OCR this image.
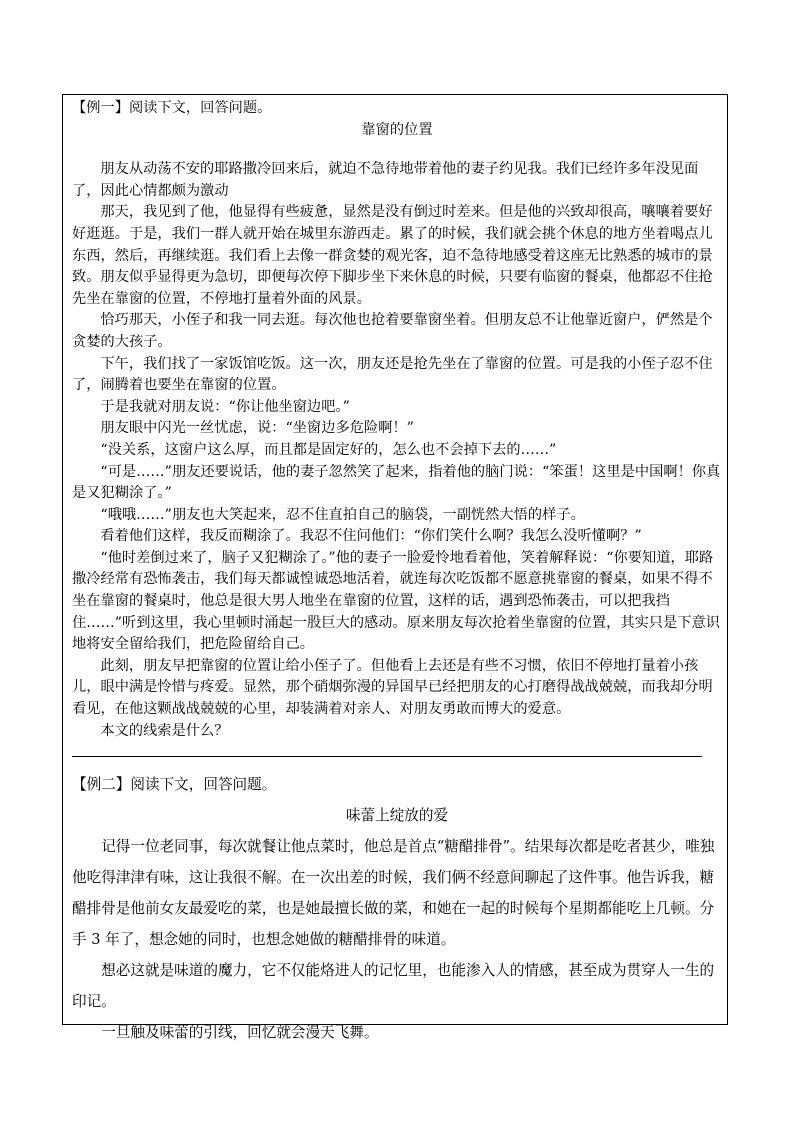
【例一】阅读下文，回答问题。
靠窗的位置

朋友从动荡不安的耶路撒冷回来后，就迫不急待地带着他的妻子约见我。我们已经许多年没见面了，因此心情都颇为激动

那天，我见到了他，他显得有些疲惫，显然是没有倒过时差来。但是他的兴致却很高，嚷嚷着要好好逛逛。于是，我们一群人就开始在城里东游西走。累了的时候，我们就会挑个休息的地方坐着喝点儿东西，然后，再继续逛。我们看上去像一群贪婪的观光客，迫不急待地感受着这座无比熟悉的城市的景致。朋友似乎显得更为急切，即便每次停下脚步坐下来休息的时候，只要有临窗的餐桌，他都忍不住抢先坐在靠窗的位置，不停地打量着外面的风景。

恰巧那天，小侄子和我一同去逛。每次他也抢着要靠窗坐着。但朋友总不让他靠近窗户，俨然是个贪婪的大孩子。

下午，我们找了一家饭馆吃饭。这一次，朋友还是抢先坐在了靠窗的位置。可是我的小侄子忍不住了，闹腾着也要坐在靠窗的位置。

于是我就对朋友说：“你让他坐窗边吧。”

朋友眼中闪光一丝忧虑，说：“坐窗边多危险啊！”

“没关系，这窗户这么厚，而且都是固定好的，怎么也不会掉下去的……”

“可是……”朋友还要说话，他的妻子忽然笑了起来，指着他的脑门说：“笨蛋！这里是中国啊！你真是又犯糊涂了。”

“哦哦……”朋友也大笑起来，忍不住直拍自己的脑袋，一副恍然大悟的样子。

看着他们这样，我反而糊涂了。我忍不住问他们：“你们笑什么啊？我怎么没听懂啊？”

“他时差倒过来了，脑子又犯糊涂了。”他的妻子一脸爱怜地看着他，笑着解释说：“你要知道，耶路撒冷经常有恐怖袭击，我们每天都诚惶诚恐地活着，就连每次吃饭都不愿意挑靠窗的餐桌，如果不得不坐在靠窗的餐桌时，他总是很大男人地坐在靠窗的位置，这样的话，遇到恐怖袭击，可以把我挡住……”听到这里，我心里顿时涌起一股巨大的感动。原来朋友每次抢着坐靠窗的位置，其实只是下意识地将安全留给我们，把危险留给自己。

此刻，朋友早把靠窗的位置让给小侄子了。但他看上去还是有些不习惯，依旧不停地打量着小孩儿，眼中满是怜惜与疼爱。显然，那个硝烟弥漫的异国早已经把朋友的心打磨得战战兢兢，而我却分明看见，在他这颗战战兢兢的心里，却装满着对亲人、对朋友勇敢而博大的爱意。

本文的线索是什么？

【例二】阅读下文，回答问题。
味蕾上绽放的爱

记得一位老同事，每次就餐让他点菜时，他总是首点“糖醋排骨”。结果每次都是吃者甚少，唯独他吃得津津有味，这让我很不解。在一次出差的时候，我们俩不经意间聊起了这件事。他告诉我，糖醋排骨是他前女友最爱吃的菜，也是她最擅长做的菜，和她在一起的时候每个星期都能吃上几顿。分手 3 年了，想念她的同时，也想念她做的糖醋排骨的味道。

想必这就是味道的魔力，它不仅能烙进人的记忆里，也能渗入人的情感，甚至成为贯穿人一生的印记。

一旦触及味蕾的引线，回忆就会漫天飞舞。
